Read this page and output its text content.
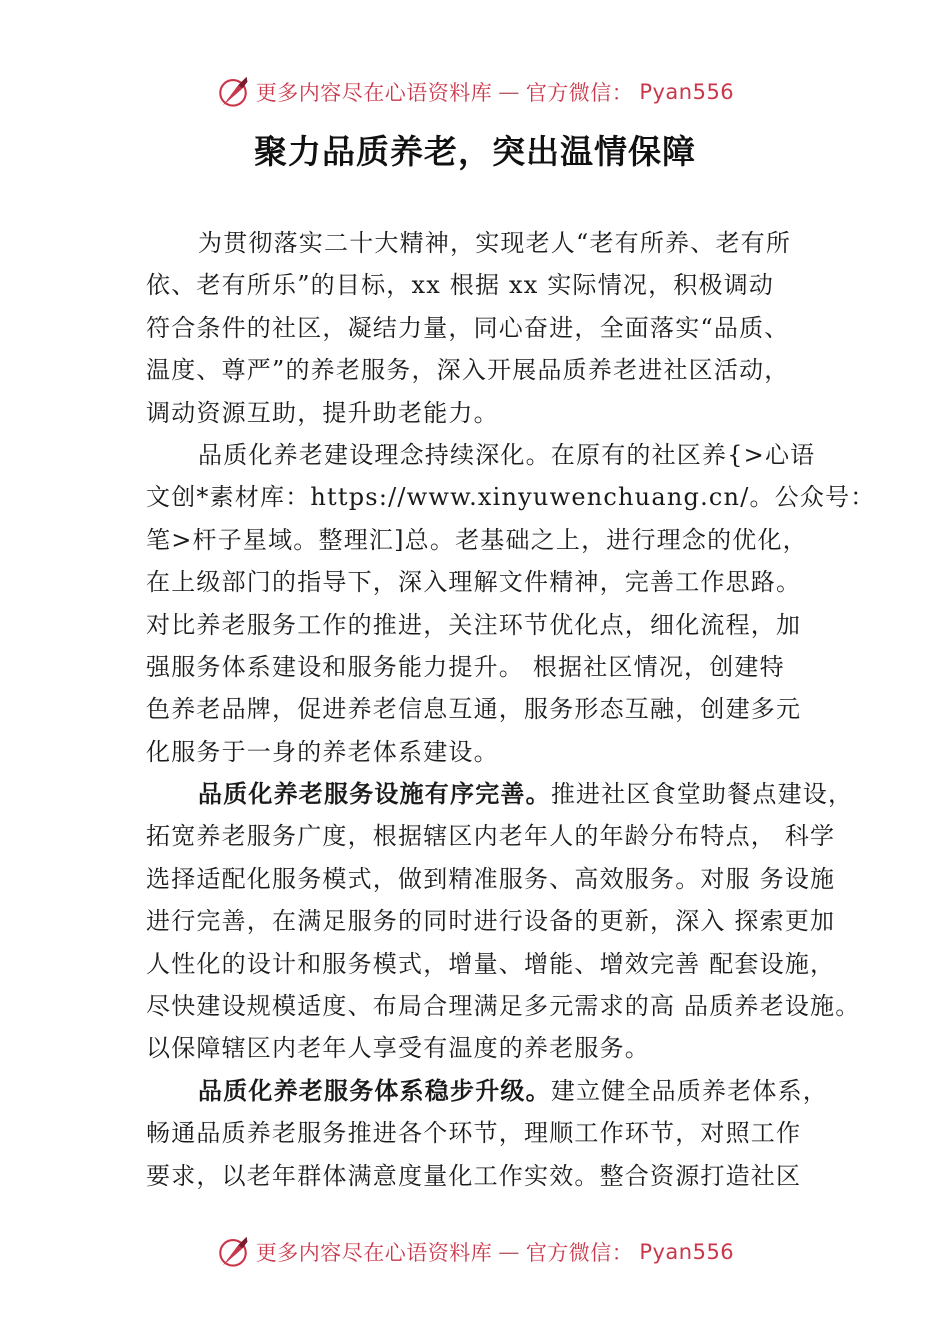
更多内容尽在心语资料库 — 官方微信： Pyan556
聚力品质养老，突出温情保障
为贯彻落实二十大精神，实现老人“老有所养、老有所
依、老有所乐”的目标，xx 根据 xx 实际情况，积极调动
符合条件的社区，凝结力量，同心奋进，全面落实“品质、
温度、尊严”的养老服务，深入开展品质养老进社区活动，
调动资源互助，提升助老能力。
品质化养老建设理念持续深化。在原有的社区养{>心语
文创*素材库：https://www.xinyuwenchuang.cn/。公众号：
笔>杆子星域。整理汇]总。老基础之上，进行理念的优化，
在上级部门的指导下，深入理解文件精神，完善工作思路。
对比养老服务工作的推进，关注环节优化点，细化流程，加
强服务体系建设和服务能力提升。 根据社区情况，创建特
色养老品牌，促进养老信息互通，服务形态互融，创建多元
化服务于一身的养老体系建设。
品质化养老服务设施有序完善。推进社区食堂助餐点建设，
拓宽养老服务广度，根据辖区内老年人的年龄分布特点， 科学
选择适配化服务模式，做到精准服务、高效服务。对服 务设施
进行完善，在满足服务的同时进行设备的更新，深入 探索更加
人性化的设计和服务模式，增量、增能、增效完善 配套设施，
尽快建设规模适度、布局合理满足多元需求的高 品质养老设施。
以保障辖区内老年人享受有温度的养老服务。
品质化养老服务体系稳步升级。建立健全品质养老体系，
畅通品质养老服务推进各个环节，理顺工作环节，对照工作
要求，以老年群体满意度量化工作实效。整合资源打造社区
更多内容尽在心语资料库 — 官方微信： Pyan556
